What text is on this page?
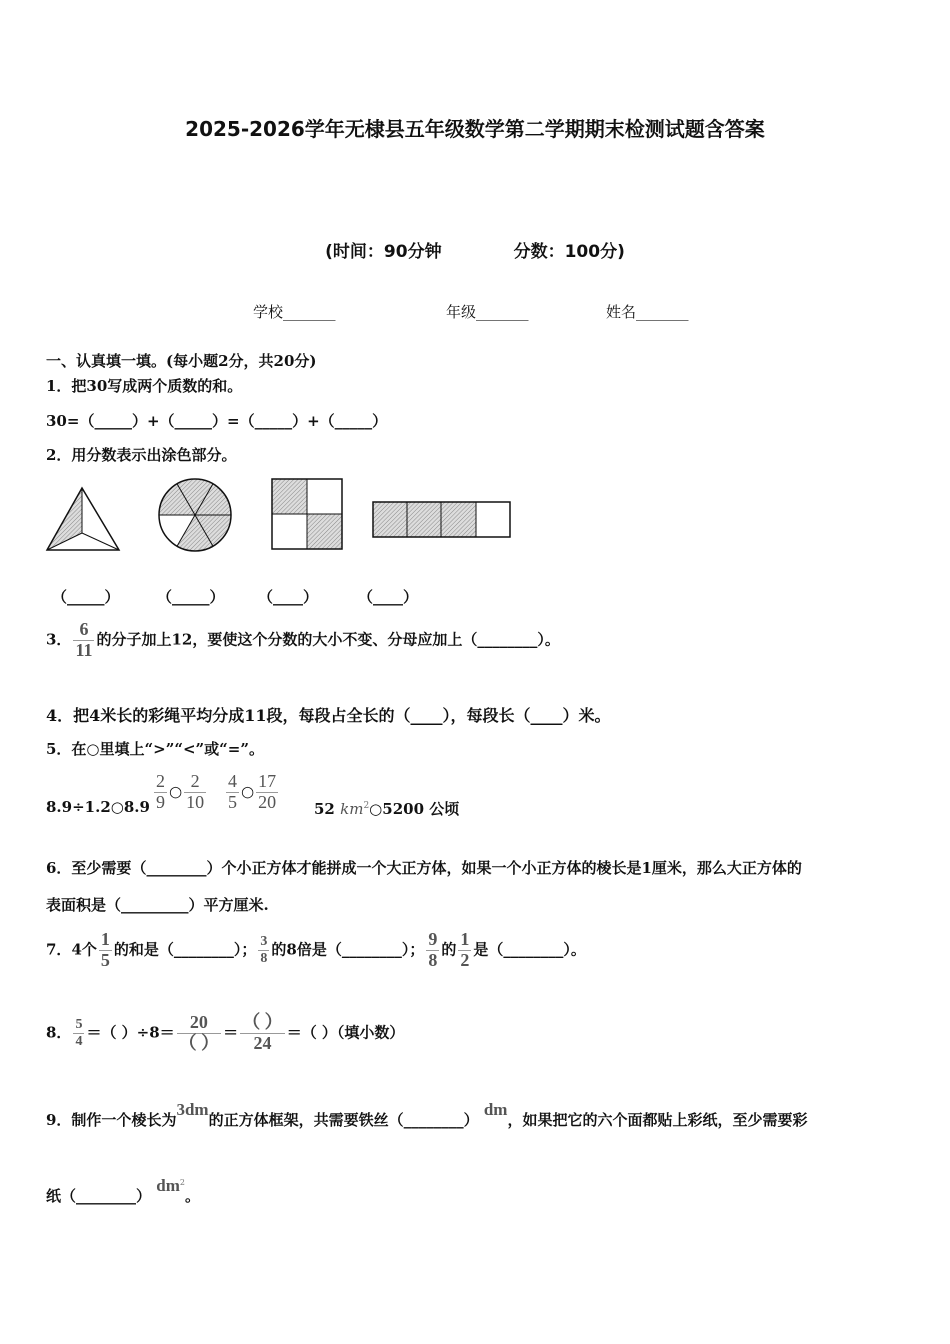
2025-2026学年无棣县五年级数学第二学期期末检测试题含答案
(时间：90分钟	分数：100分)
学校_______	年级_______	姓名_______
一、认真填一填。(每小题2分，共20分)
1．把30写成两个质数的和。
30=（_____）+（_____）=（_____）+（_____）
2．用分数表示出涂色部分。
（_____） （_____） （____）	（____）
3． $\frac{6}{11}$ 的分子加上12，要使这个分数的大小不变、分母应加上（________）。
4．把4米长的彩绳平均分成11段，每段占全长的（____），每段长（____）米。
5．在○里填上“>”“<”或“=”。
8.9÷1.2○8.9 $\frac{2}{9}$ ○ $\frac{2}{10} \frac{4}{5}$ ○ $\frac{17}{20} 52$ $km^2○5200$ 公顷
6．至少需要（________）个小正方体才能拼成一个大正方体，如果一个小正方体的棱长是1厘米，那么大正方体的
表面积是（_________）平方厘米.
7．4个 $\frac{1}{5}$ 的和是（________）； $\frac{3}{8}$ 的8倍是（________）； $\frac{9}{8}$ 的 $\frac{1}{2}$ 是（________）。
8． $\frac{5}{4}$ ＝（ ）÷8＝
20
（ ）
＝
（ ）
24
＝（ ）（填小数）
9．制作一个棱长为3dm的正方体框架，共需要铁丝（________） dm，如果把它的六个面都贴上彩纸，至少需要彩
纸（________） $dm^2$。
